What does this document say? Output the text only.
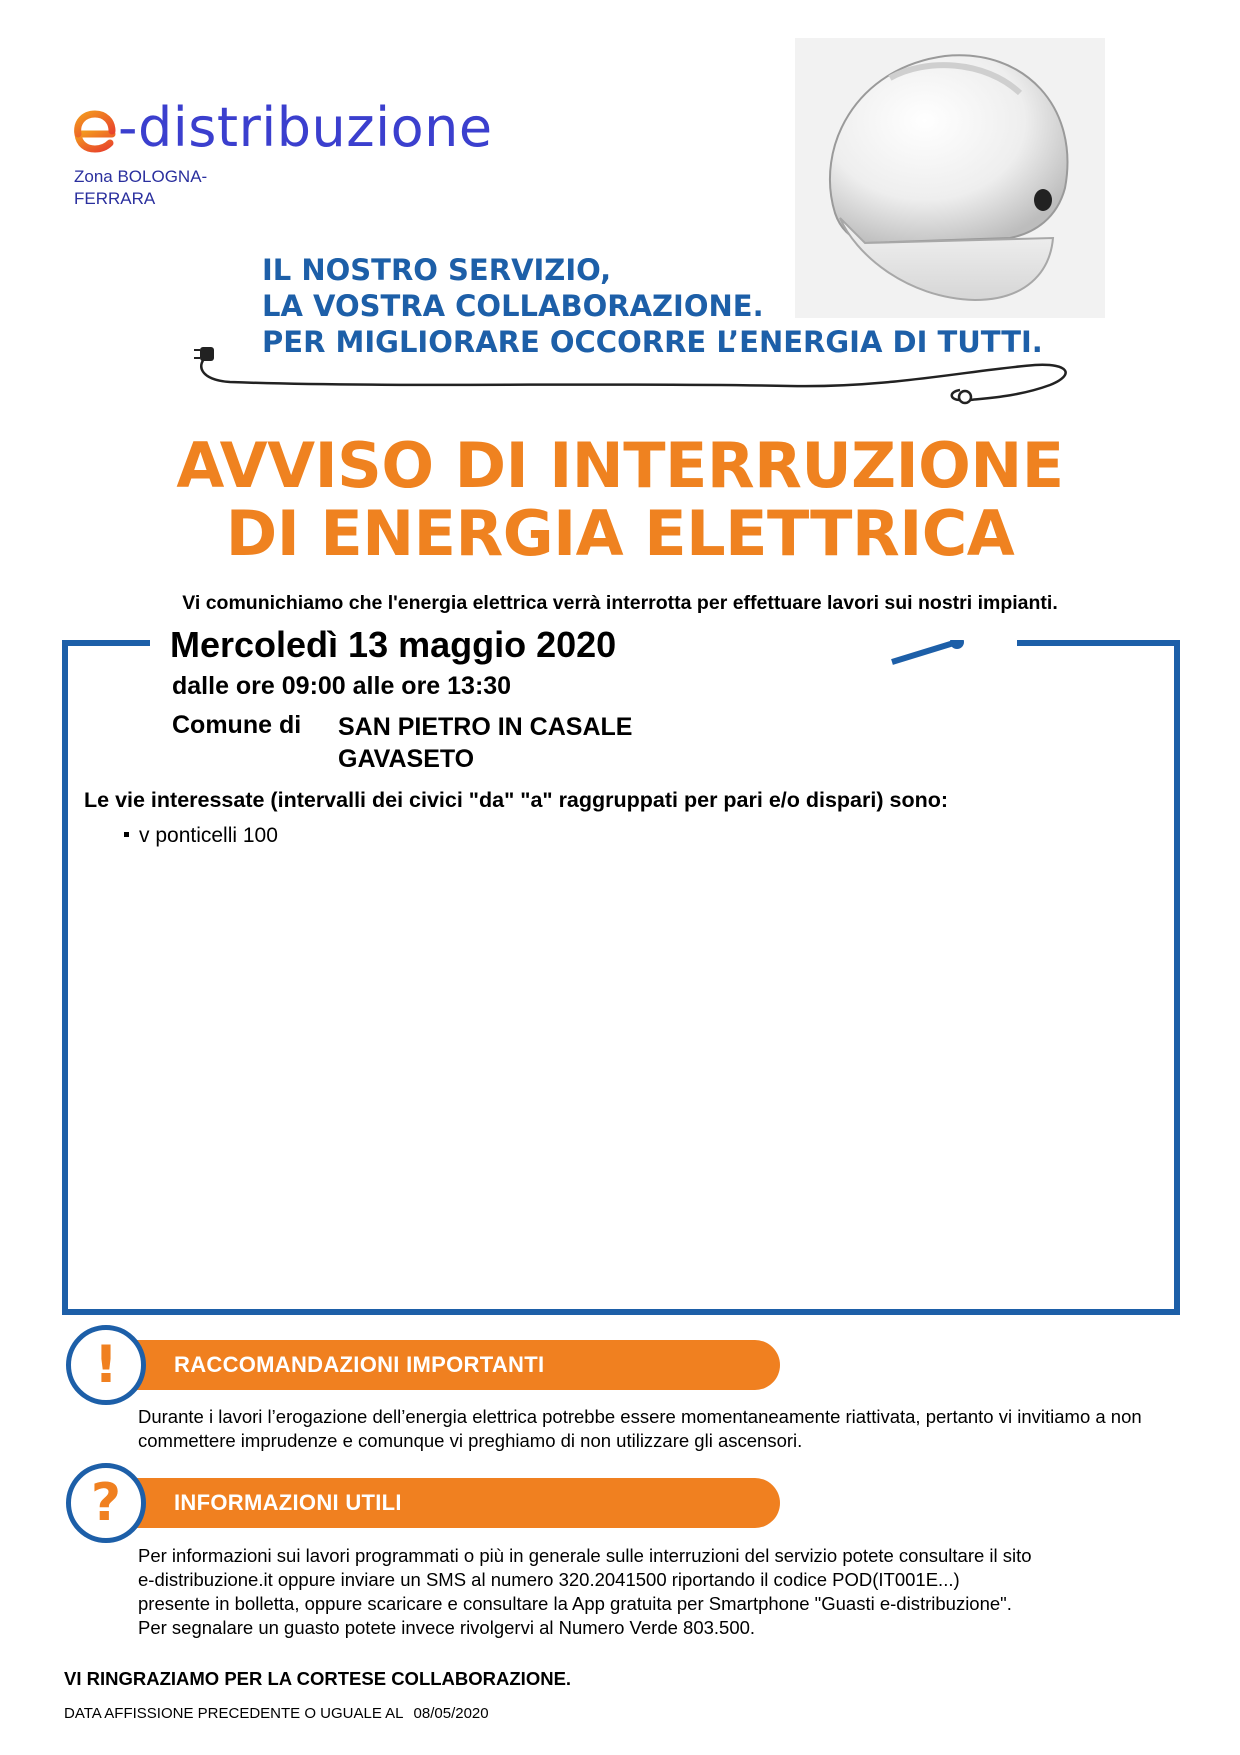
-distribuzione
Zona BOLOGNA-FERRARA
IL NOSTRO SERVIZIO,
LA VOSTRA COLLABORAZIONE.
PER MIGLIORARE OCCORRE L’ENERGIA DI TUTTI.
AVVISO DI INTERRUZIONE
DI ENERGIA ELETTRICA
Vi comunichiamo che l'energia elettrica verrà interrotta per effettuare lavori sui nostri impianti.
Mercoledì 13 maggio 2020
dalle ore 09:00 alle ore 13:30
Comune di SAN PIETRO IN CASALE
GAVASETO
Le vie interessate (intervalli dei civici "da" "a" raggruppati per pari e/o dispari) sono:
v ponticelli 100
RACCOMANDAZIONI IMPORTANTI
!
Durante i lavori l’erogazione dell’energia elettrica potrebbe essere momentaneamente riattivata, pertanto vi invitiamo a non commettere imprudenze e comunque vi preghiamo di non utilizzare gli ascensori.
INFORMAZIONI UTILI
?
Per informazioni sui lavori programmati o più in generale sulle interruzioni del servizio potete consultare il sito
e-distribuzione.it oppure inviare un SMS al numero 320.2041500 riportando il codice POD(IT001E...)
presente in bolletta, oppure scaricare e consultare la App gratuita per Smartphone "Guasti e-distribuzione".
Per segnalare un guasto potete invece rivolgervi al Numero Verde 803.500.
VI RINGRAZIAMO PER LA CORTESE COLLABORAZIONE.
DATA AFFISSIONE PRECEDENTE O UGUALE AL 08/05/2020
